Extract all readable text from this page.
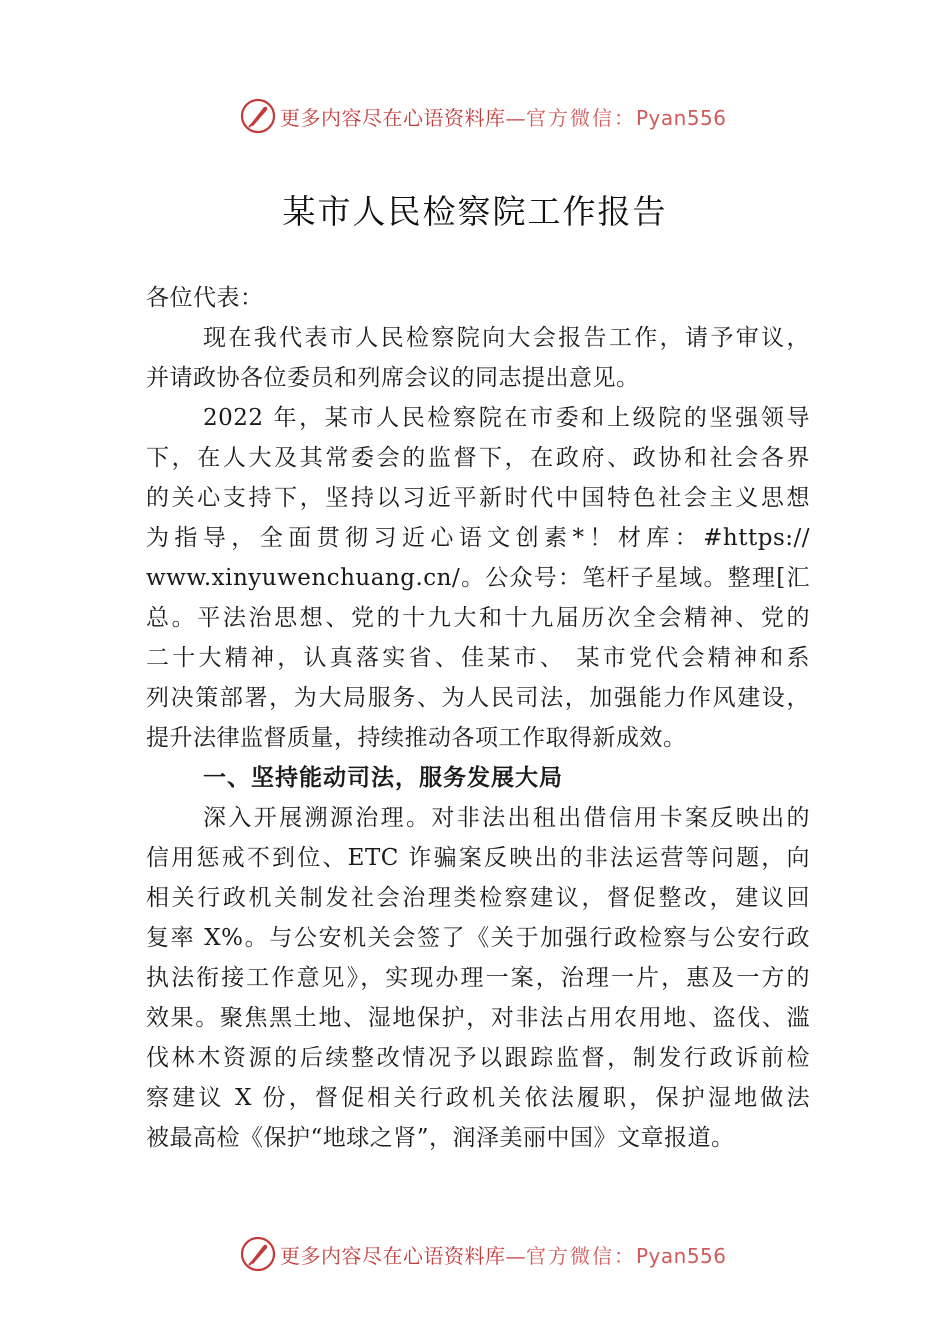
更多内容尽在心语资料库—官方微信：Pyan556
某市人民检察院工作报告
各位代表：
现在我代表市人民检察院向大会报告工作，请予审议，
并请政协各位委员和列席会议的同志提出意见。
2022 年，某市人民检察院在市委和上级院的坚强领导
下，在人大及其常委会的监督下，在政府、政协和社会各界
的关心支持下，坚持以习近平新时代中国特色社会主义思想
为指导，全面贯彻习近心语文创素*！材库：#https://
www.xinyuwenchuang.cn/。公众号：笔杆子星域。整理[汇
总。平法治思想、党的十九大和十九届历次全会精神、党的
二十大精神，认真落实省、佳某市、 某市党代会精神和系
列决策部署，为大局服务、为人民司法，加强能力作风建设，
提升法律监督质量，持续推动各项工作取得新成效。
一、坚持能动司法，服务发展大局
深入开展溯源治理。对非法出租出借信用卡案反映出的
信用惩戒不到位、ETC 诈骗案反映出的非法运营等问题，向
相关行政机关制发社会治理类检察建议，督促整改，建议回
复率 X%。与公安机关会签了《关于加强行政检察与公安行政
执法衔接工作意见》，实现办理一案，治理一片，惠及一方的
效果。聚焦黑土地、湿地保护，对非法占用农用地、盗伐、滥
伐林木资源的后续整改情况予以跟踪监督，制发行政诉前检
察建议 X 份，督促相关行政机关依法履职，保护湿地做法
被最高检《保护“地球之肾”，润泽美丽中国》文章报道。
更多内容尽在心语资料库—官方微信：Pyan556
